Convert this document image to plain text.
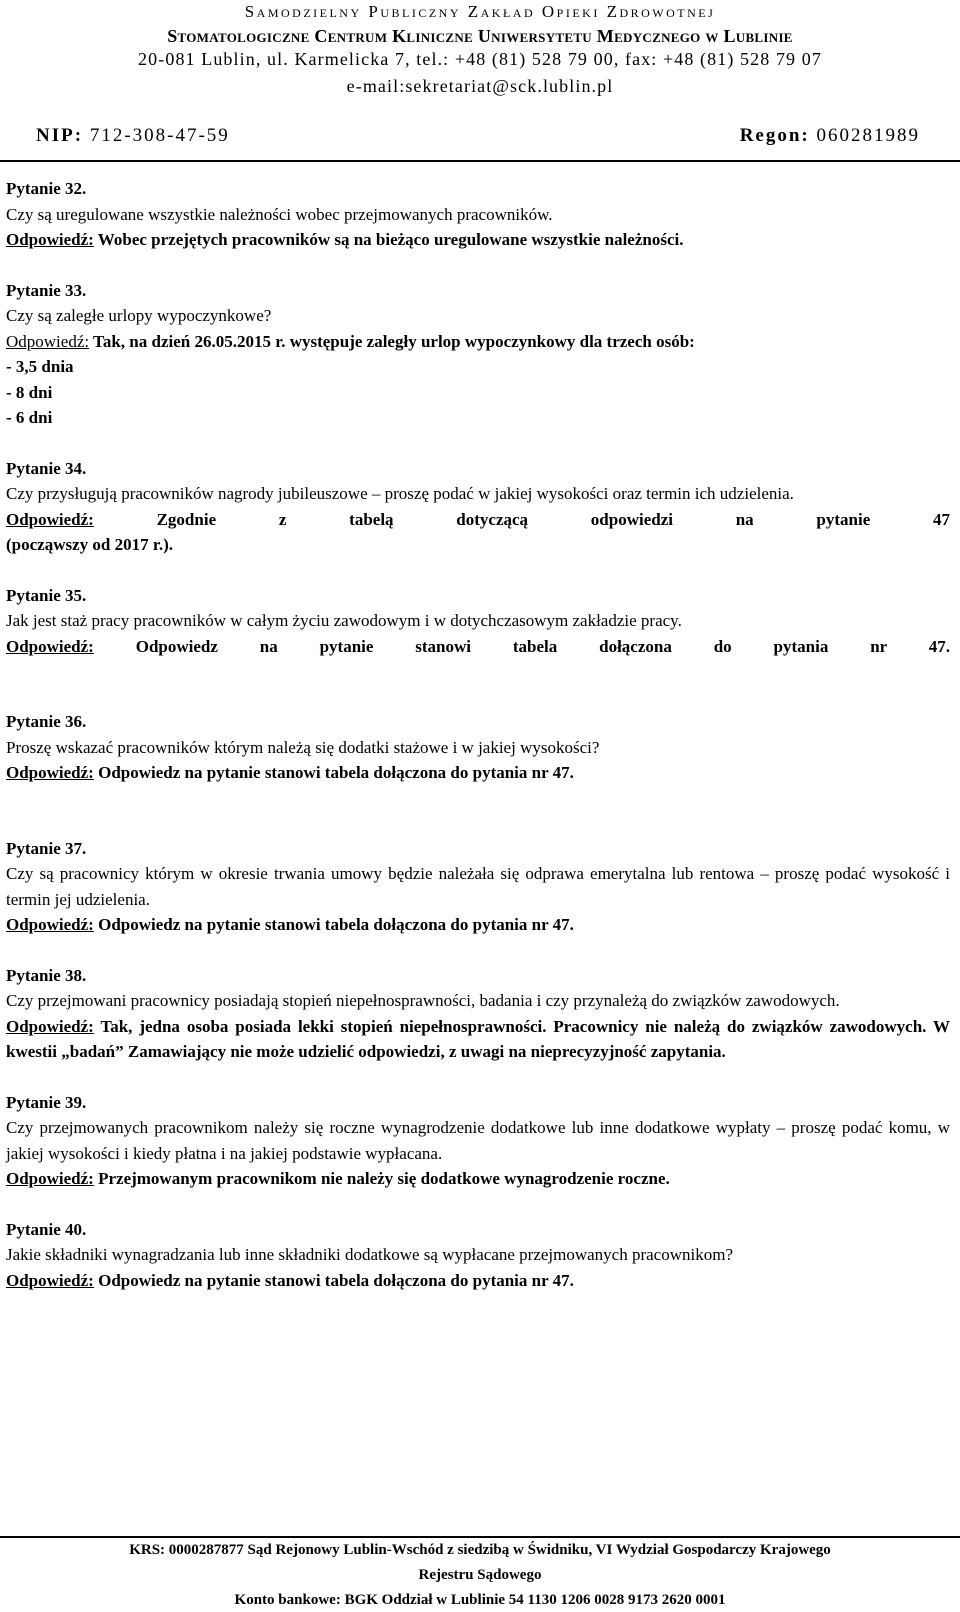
Samodzielny Publiczny Zakład Opieki Zdrowotnej
Stomatologiczne Centrum Kliniczne Uniwersytetu Medycznego w Lublinie
20-081 Lublin, ul. Karmelicka 7, tel.: +48 (81) 528 79 00, fax: +48 (81) 528 79 07
e-mail:sekretariat@sck.lublin.pl
NIP: 712-308-47-59	Regon: 060281989
Pytanie 32.
Czy są uregulowane wszystkie należności wobec przejmowanych pracowników.
Odpowiedź: Wobec przejętych pracowników są na bieżąco uregulowane wszystkie należności.
Pytanie 33.
Czy są zaległe urlopy wypoczynkowe?
Odpowiedź: Tak, na dzień 26.05.2015 r. występuje zaległy urlop wypoczynkowy dla trzech osób:
- 3,5 dnia
- 8 dni
- 6 dni
Pytanie 34.
Czy przysługują pracowników nagrody jubileuszowe – proszę podać w jakiej wysokości oraz termin ich udzielenia.
Odpowiedź:	Zgodnie z tabelą dotyczącą odpowiedzi na pytanie 47
(począwszy od 2017 r.).
Pytanie 35.
Jak jest staż pracy pracowników w całym życiu zawodowym i w dotychczasowym zakładzie pracy.
Odpowiedź: Odpowiedz na pytanie stanowi tabela dołączona do pytania nr 47.
Pytanie 36.
Proszę wskazać pracowników którym należą się dodatki stażowe i w jakiej wysokości?
Odpowiedź: Odpowiedz na pytanie stanowi tabela dołączona do pytania nr 47.
Pytanie 37.
Czy są pracownicy którym w okresie trwania umowy będzie należała się odprawa emerytalna lub rentowa – proszę podać wysokość i termin jej udzielenia.
Odpowiedź: Odpowiedz na pytanie stanowi tabela dołączona do pytania nr 47.
Pytanie 38.
Czy przejmowani pracownicy posiadają stopień niepełnosprawności, badania i czy przynależą do związków zawodowych.
Odpowiedź: Tak, jedna osoba posiada lekki stopień niepełnosprawności. Pracownicy nie należą do związków zawodowych. W kwestii „badań” Zamawiający nie może udzielić odpowiedzi, z uwagi na nieprecyzyjność zapytania.
Pytanie 39.
Czy przejmowanych pracownikom należy się roczne wynagrodzenie dodatkowe lub inne dodatkowe wypłaty – proszę podać komu, w jakiej wysokości i kiedy płatna i na jakiej podstawie wypłacana.
Odpowiedź: Przejmowanym pracownikom nie należy się dodatkowe wynagrodzenie roczne.
Pytanie 40.
Jakie składniki wynagradzania lub inne składniki dodatkowe są wypłacane przejmowanych pracownikom?
Odpowiedź: Odpowiedz na pytanie stanowi tabela dołączona do pytania nr 47.
KRS: 0000287877 Sąd Rejonowy Lublin-Wschód z siedzibą w Świdniku, VI Wydział Gospodarczy Krajowego
Rejestru Sądowego
Konto bankowe: BGK Oddział w Lublinie 54 1130 1206 0028 9173 2620 0001
